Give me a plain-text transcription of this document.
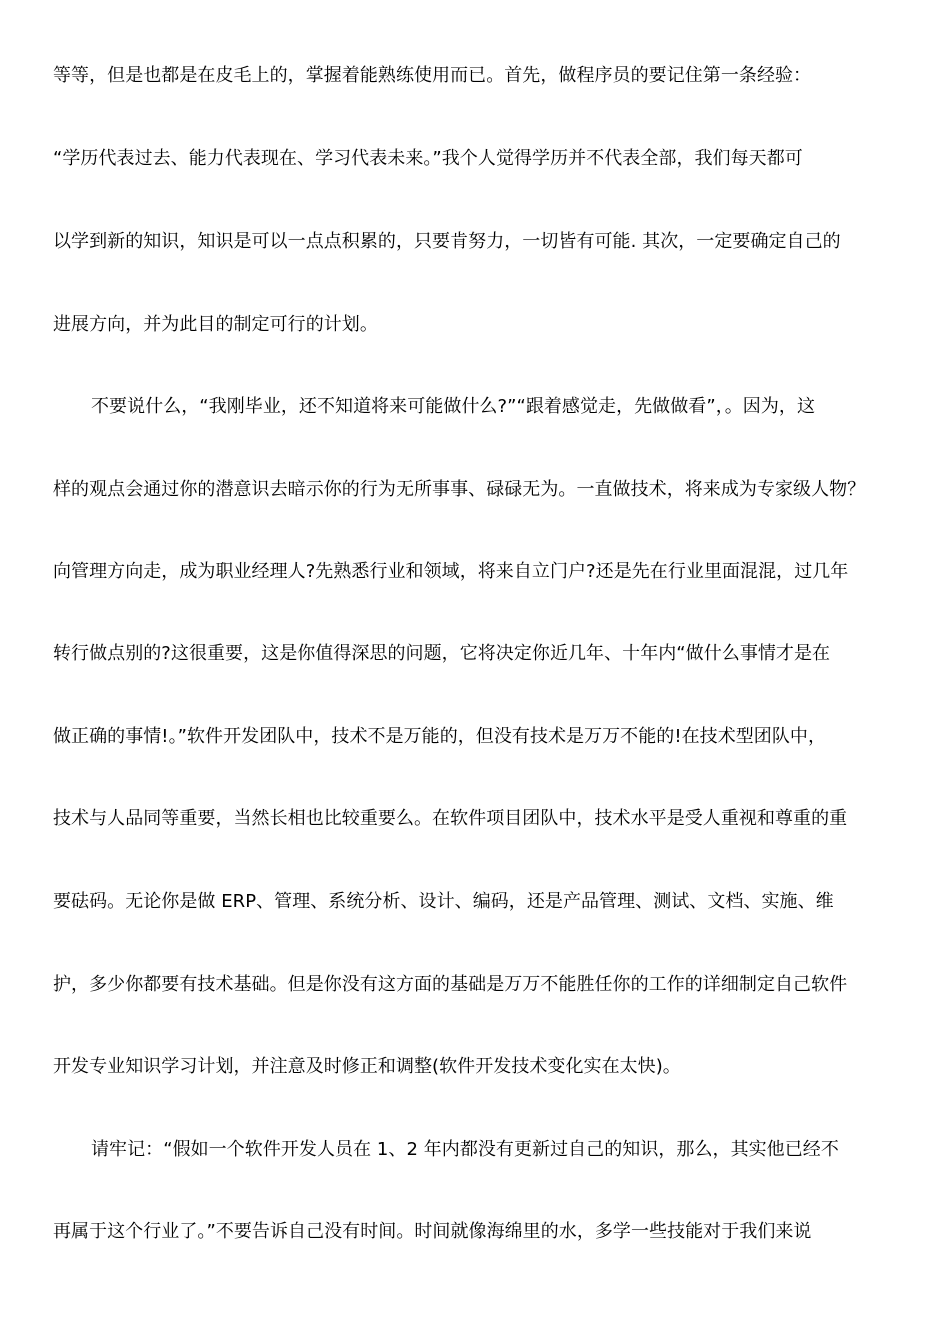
等等，但是也都是在皮毛上的，掌握着能熟练使用而已。首先，做程序员的要记住第一条经验：
“学历代表过去、能力代表现在、学习代表未来。”我个人觉得学历并不代表全部，我们每天都可
以学到新的知识，知识是可以一点点积累的，只要肯努力，一切皆有可能. 其次，一定要确定自己的
进展方向，并为此目的制定可行的计划。
不要说什么，“我刚毕业，还不知道将来可能做什么?”“跟着感觉走，先做做看”，。因为，这
样的观点会通过你的潜意识去暗示你的行为无所事事、碌碌无为。一直做技术，将来成为专家级人物？
向管理方向走，成为职业经理人?先熟悉行业和领域，将来自立门户?还是先在行业里面混混，过几年
转行做点别的?这很重要，这是你值得深思的问题，它将决定你近几年、十年内“做什么事情才是在
做正确的事情!。”软件开发团队中，技术不是万能的，但没有技术是万万不能的!在技术型团队中，
技术与人品同等重要，当然长相也比较重要么。在软件项目团队中，技术水平是受人重视和尊重的重
要砝码。无论你是做 ERP、管理、系统分析、设计、编码，还是产品管理、测试、文档、实施、维
护，多少你都要有技术基础。但是你没有这方面的基础是万万不能胜任你的工作的详细制定自己软件
开发专业知识学习计划，并注意及时修正和调整(软件开发技术变化实在太快)。
请牢记：“假如一个软件开发人员在 1、2 年内都没有更新过自己的知识，那么，其实他已经不
再属于这个行业了。”不要告诉自己没有时间。时间就像海绵里的水，多学一些技能对于我们来说
